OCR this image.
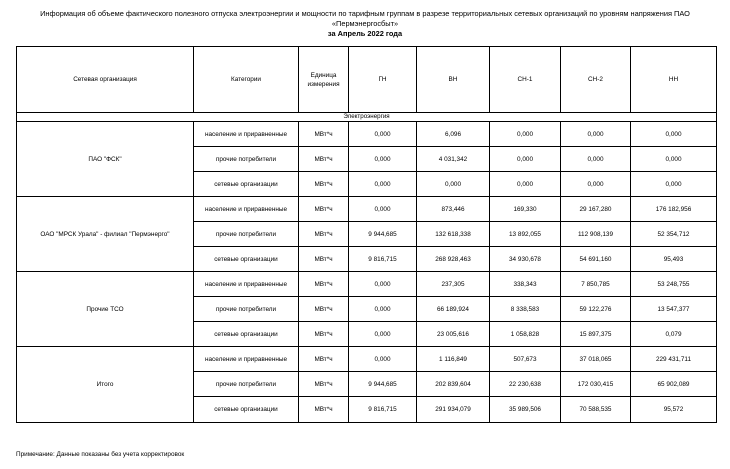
Информация об объеме фактического полезного отпуска электроэнергии и мощности по тарифным группам в разрезе территориальных сетевых организаций по уровням напряжения ПАО
«Пермэнергосбыт»
за Апрель 2022 года
Сетевая организация	Категории	Единица измерения	ГН	ВН	СН-1	СН-2	НН
Электроэнергия							
ПАО "ФСК"	население и приравненные	МВт*ч	0,000	6,096	0,000	0,000	0,000
	прочие потребители	МВт*ч	0,000	4 031,342	0,000	0,000	0,000
	сетевые организации	МВт*ч	0,000	0,000	0,000	0,000	0,000
ОАО "МРСК Урала" - филиал "Пермэнерго"	население и приравненные	МВт*ч	0,000	873,446	169,330	29 167,280	176 182,956
	прочие потребители	МВт*ч	9 944,685	132 618,338	13 892,055	112 908,139	52 354,712
	сетевые организации	МВт*ч	9 816,715	268 928,463	34 930,678	54 691,160	95,493
Прочие ТСО	население и приравненные	МВт*ч	0,000	237,305	338,343	7 850,785	53 248,755
	прочие потребители	МВт*ч	0,000	66 189,924	8 338,583	59 122,276	13 547,377
	сетевые организации	МВт*ч	0,000	23 005,616	1 058,828	15 897,375	0,079
Итого	население и приравненные	МВт*ч	0,000	1 116,849	507,673	37 018,065	229 431,711
	прочие потребители	МВт*ч	9 944,685	202 839,604	22 230,638	172 030,415	65 902,089
	сетевые организации	МВт*ч	9 816,715	291 934,079	35 989,506	70 588,535	95,572
Примечание: Данные показаны без учета корректировок
